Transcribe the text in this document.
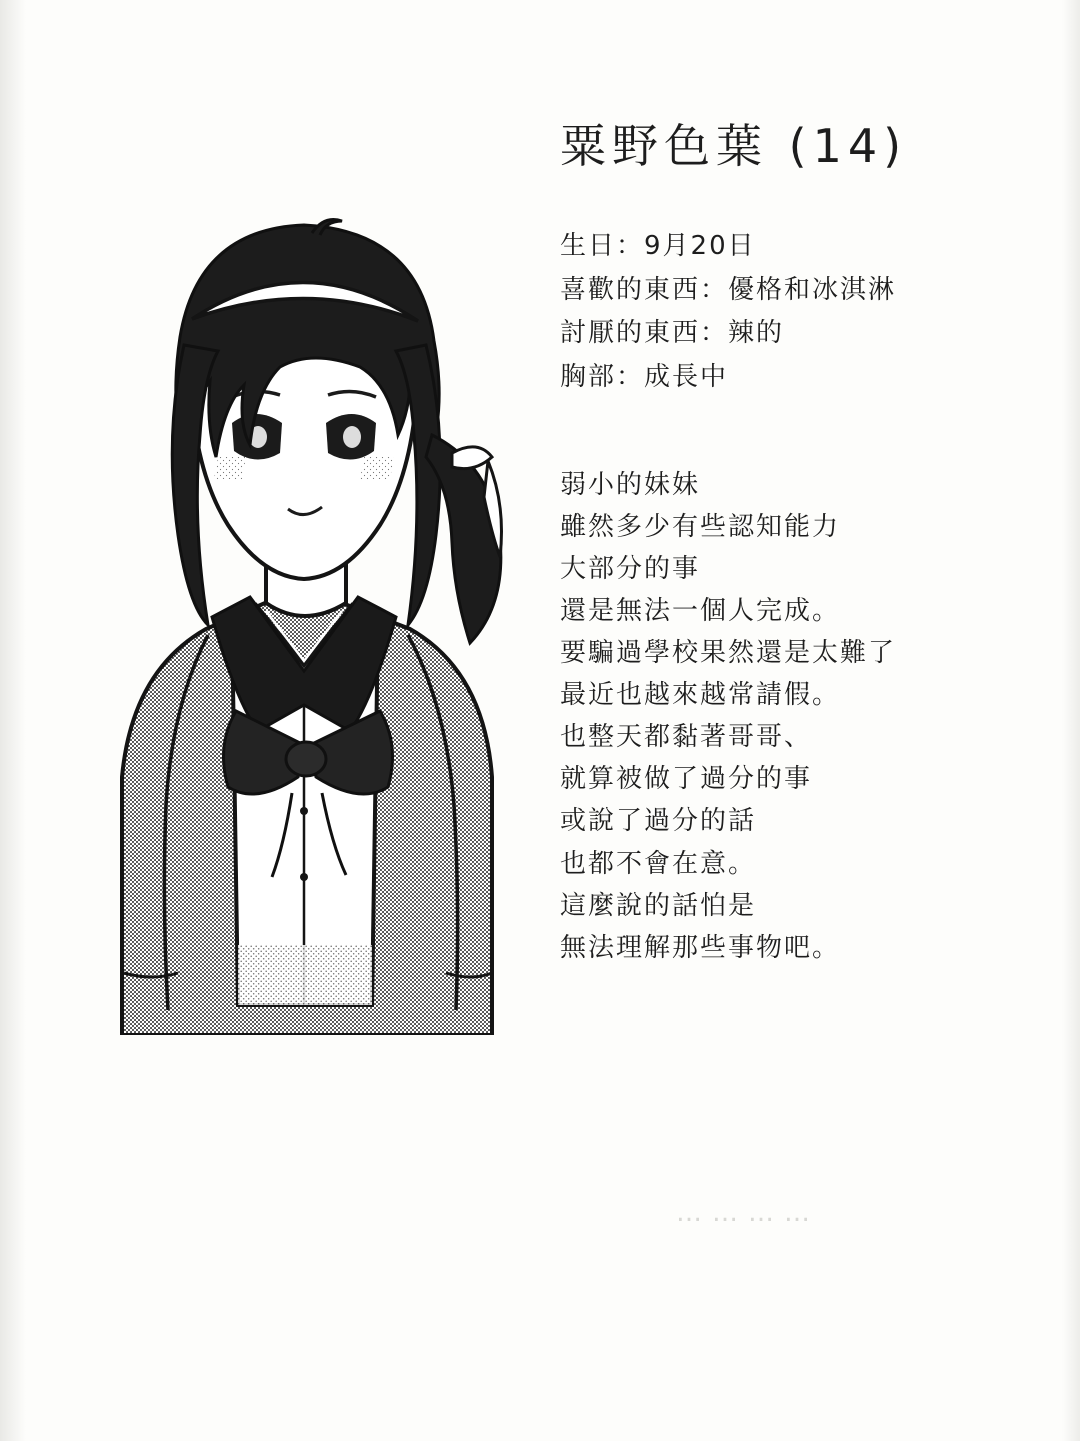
粟野色葉 (14)
生日：9月20日
喜歡的東西：優格和冰淇淋
討厭的東西：辣的
胸部：成長中
弱小的妹妹
雖然多少有些認知能力
大部分的事
還是無法一個人完成。
要騙過學校果然還是太難了
最近也越來越常請假。
也整天都黏著哥哥、
就算被做了過分的事
或說了過分的話
也都不會在意。
這麼說的話怕是
無法理解那些事物吧。
…………
